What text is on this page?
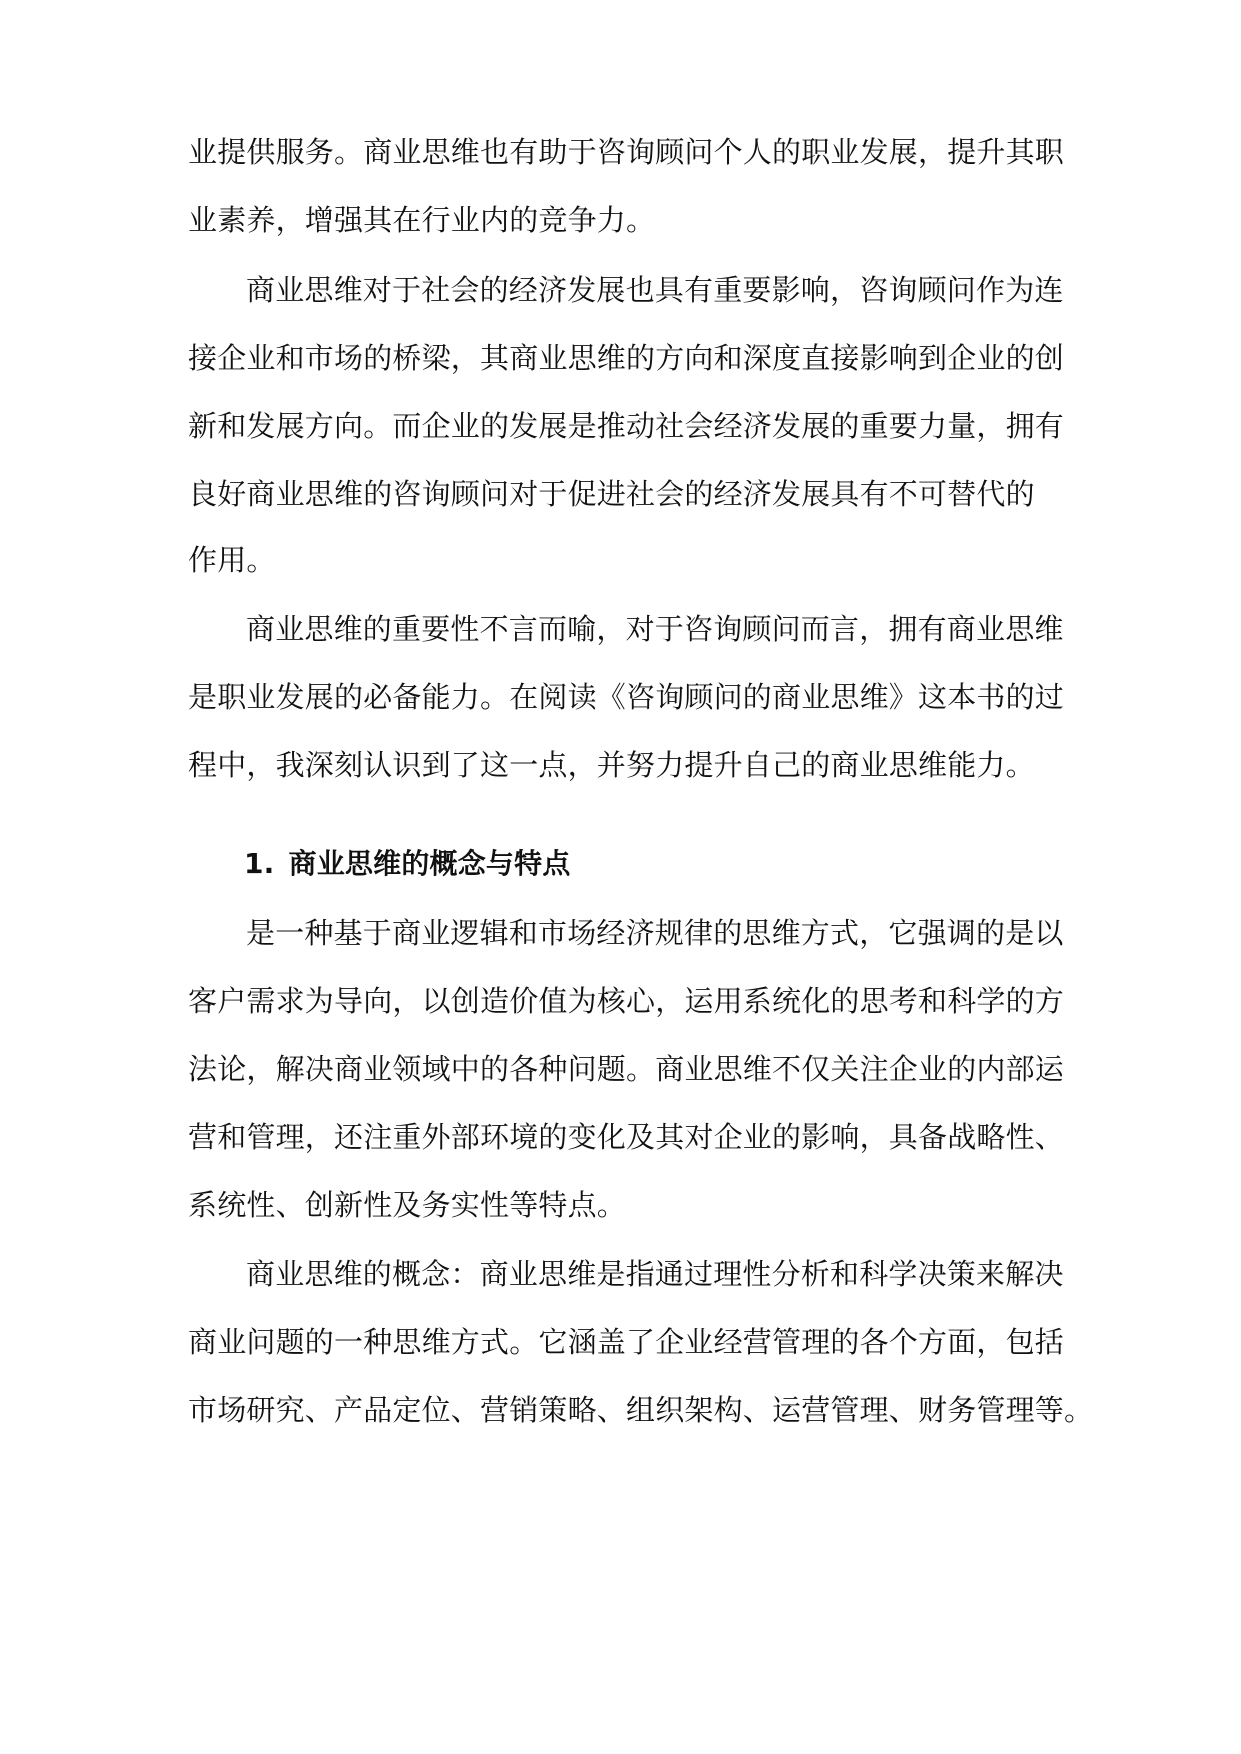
业提供服务。商业思维也有助于咨询顾问个人的职业发展，提升其职
业素养，增强其在行业内的竞争力。
商业思维对于社会的经济发展也具有重要影响，咨询顾问作为连
接企业和市场的桥梁，其商业思维的方向和深度直接影响到企业的创
新和发展方向。而企业的发展是推动社会经济发展的重要力量，拥有
良好商业思维的咨询顾问对于促进社会的经济发展具有不可替代的
作用。
商业思维的重要性不言而喻，对于咨询顾问而言，拥有商业思维
是职业发展的必备能力。在阅读《咨询顾问的商业思维》这本书的过
程中，我深刻认识到了这一点，并努力提升自己的商业思维能力。
1. 商业思维的概念与特点
是一种基于商业逻辑和市场经济规律的思维方式，它强调的是以
客户需求为导向，以创造价值为核心，运用系统化的思考和科学的方
法论，解决商业领域中的各种问题。商业思维不仅关注企业的内部运
营和管理，还注重外部环境的变化及其对企业的影响，具备战略性、
系统性、创新性及务实性等特点。
商业思维的概念：商业思维是指通过理性分析和科学决策来解决
商业问题的一种思维方式。它涵盖了企业经营管理的各个方面，包括
市场研究、产品定位、营销策略、组织架构、运营管理、财务管理等。
